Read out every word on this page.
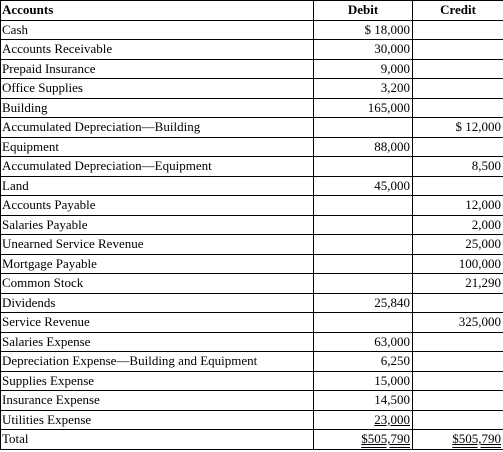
Accounts	Debit	Credit
Cash	$ 18,000	
Accounts Receivable	30,000	
Prepaid Insurance	9,000	
Office Supplies	3,200	
Building	165,000	
Accumulated Depreciation—Building		$ 12,000
Equipment	88,000	
Accumulated Depreciation—Equipment		8,500
Land	45,000	
Accounts Payable		12,000
Salaries Payable		2,000
Unearned Service Revenue		25,000
Mortgage Payable		100,000
Common Stock		21,290
Dividends	25,840	
Service Revenue		325,000
Salaries Expense	63,000	
Depreciation Expense—Building and Equipment	6,250	
Supplies Expense	15,000	
Insurance Expense	14,500	
Utilities Expense	23,000	
Total	$505,790	$505,790
